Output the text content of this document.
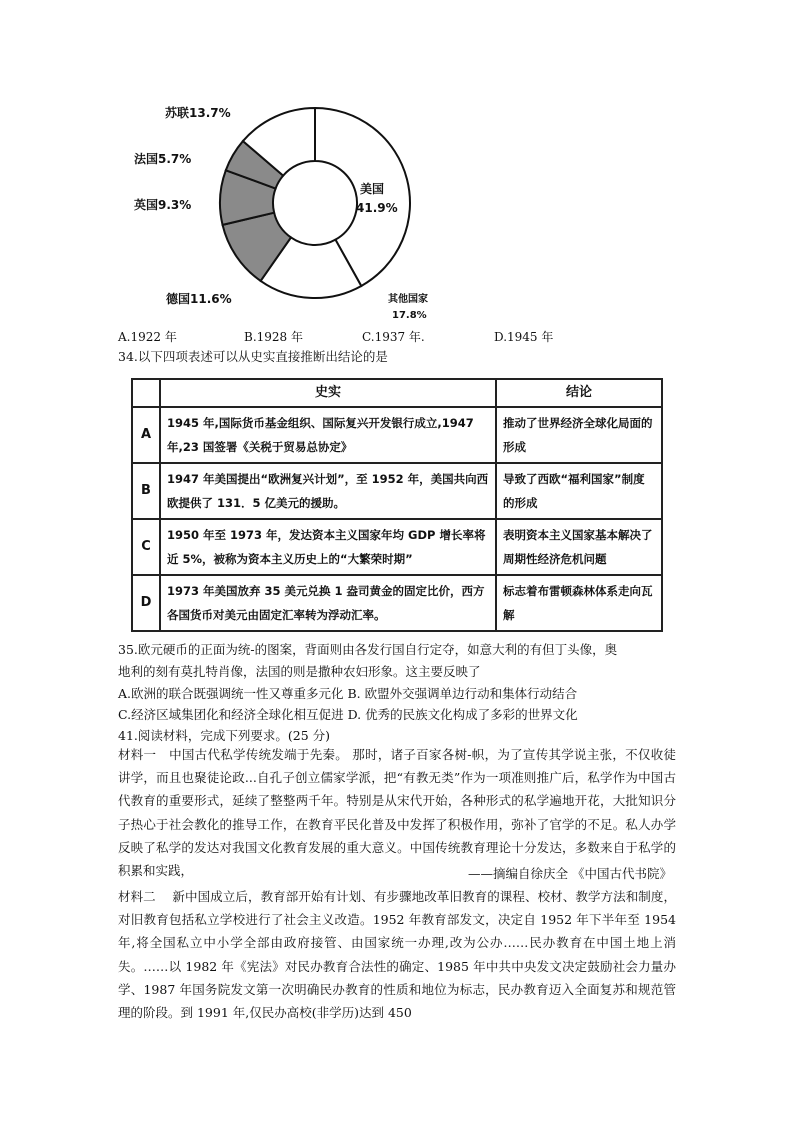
苏联13.7%
法国5.7%
英国9.3%
德国11.6%
美国
41.9%
其他国家
17.8%
A.1922 年	B.1928 年	C.1937 年.	D.1945 年
34.以下四项表述可以从史实直接推断出结论的是
	史实	结论
A	1945 年,国际货币基金组织、国际复兴开发银行成立,1947 年,23 国签署《关税于贸易总协定》	推动了世界经济全球化局面的形成
B	1947 年美国提出“欧洲复兴计划”，至 1952 年，美国共向西欧提供了 131．5 亿美元的援助。	导致了西欧“福利国家”制度的形成
C	1950 年至 1973 年，发达资本主义国家年均 GDP 增长率将近 5%，被称为资本主义历史上的“大繁荣时期”	表明资本主义国家基本解决了周期性经济危机问题
D	1973 年美国放弃 35 美元兑换 1 盎司黄金的固定比价，西方各国货币对美元由固定汇率转为浮动汇率。	标志着布雷顿森林体系走向瓦解
35.欧元硬币的正面为统-的图案，背面则由各发行国自行定夺，如意大利的有但丁头像，奥
地利的刻有莫扎特肖像，法国的则是撒种农妇形象。这主要反映了
A.欧洲的联合既强调统一性又尊重多元化 B. 欧盟外交强调单边行动和集体行动结合
C.经济区域集团化和经济全球化相互促进 D. 优秀的民族文化构成了多彩的世界文化
41.阅读材料，完成下列要求。(25 分)
材料一　中国古代私学传统发端于先秦。 那时，诸子百家各树-帜，为了宣传其学说主张，不仅收徒讲学，而且也聚徒论政...自孔子创立儒家学派，把“有教无类”作为一项准则推广后，私学作为中国古代教育的重要形式，延续了整整两千年。特别是从宋代开始，各种形式的私学遍地开花，大批知识分子热心于社会教化的推导工作，在教育平民化普及中发挥了积极作用，弥补了官学的不足。私人办学反映了私学的发达对我国文化教育发展的重大意义。中国传统教育理论十分发达，多数来自于私学的积累和实践，	——摘编自徐庆全 《中国古代书院》
材料二　 新中国成立后，教育部开始有计划、有步骤地改革旧教育的课程、校材、教学方法和制度，对旧教育包括私立学校进行了社会主义改造。1952 年教育部发文，决定自 1952 年下半年至 1954 年,将全国私立中小学全部由政府接管、由国家统一办理,改为公办……民办教育在中国土地上消失。……以 1982 年《宪法》对民办教育合法性的确定、1985 年中共中央发文决定鼓励社会力量办学、1987 年国务院发文第一次明确民办教育的性质和地位为标志，民办教育迈入全面复苏和规范管理的阶段。到 1991 年,仅民办高校(非学历)达到 450
